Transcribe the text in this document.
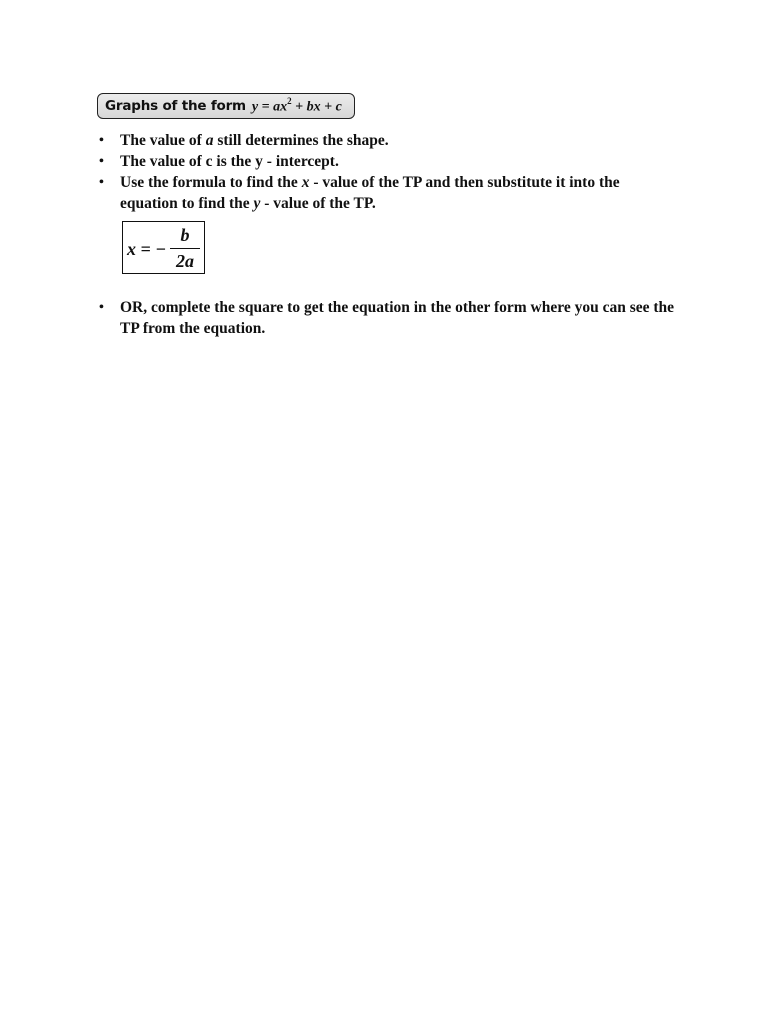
Graphs of the form $y = ax^2$ + bx + c
• The value of a still determines the shape.
• The value of c is the y - intercept.
• Use the formula to find the x - value of the TP and then substitute it into the equation to find the y - value of the TP.
• OR, complete the square to get the equation in the other form where you can see the TP from the equation.
x = −
b
2a
